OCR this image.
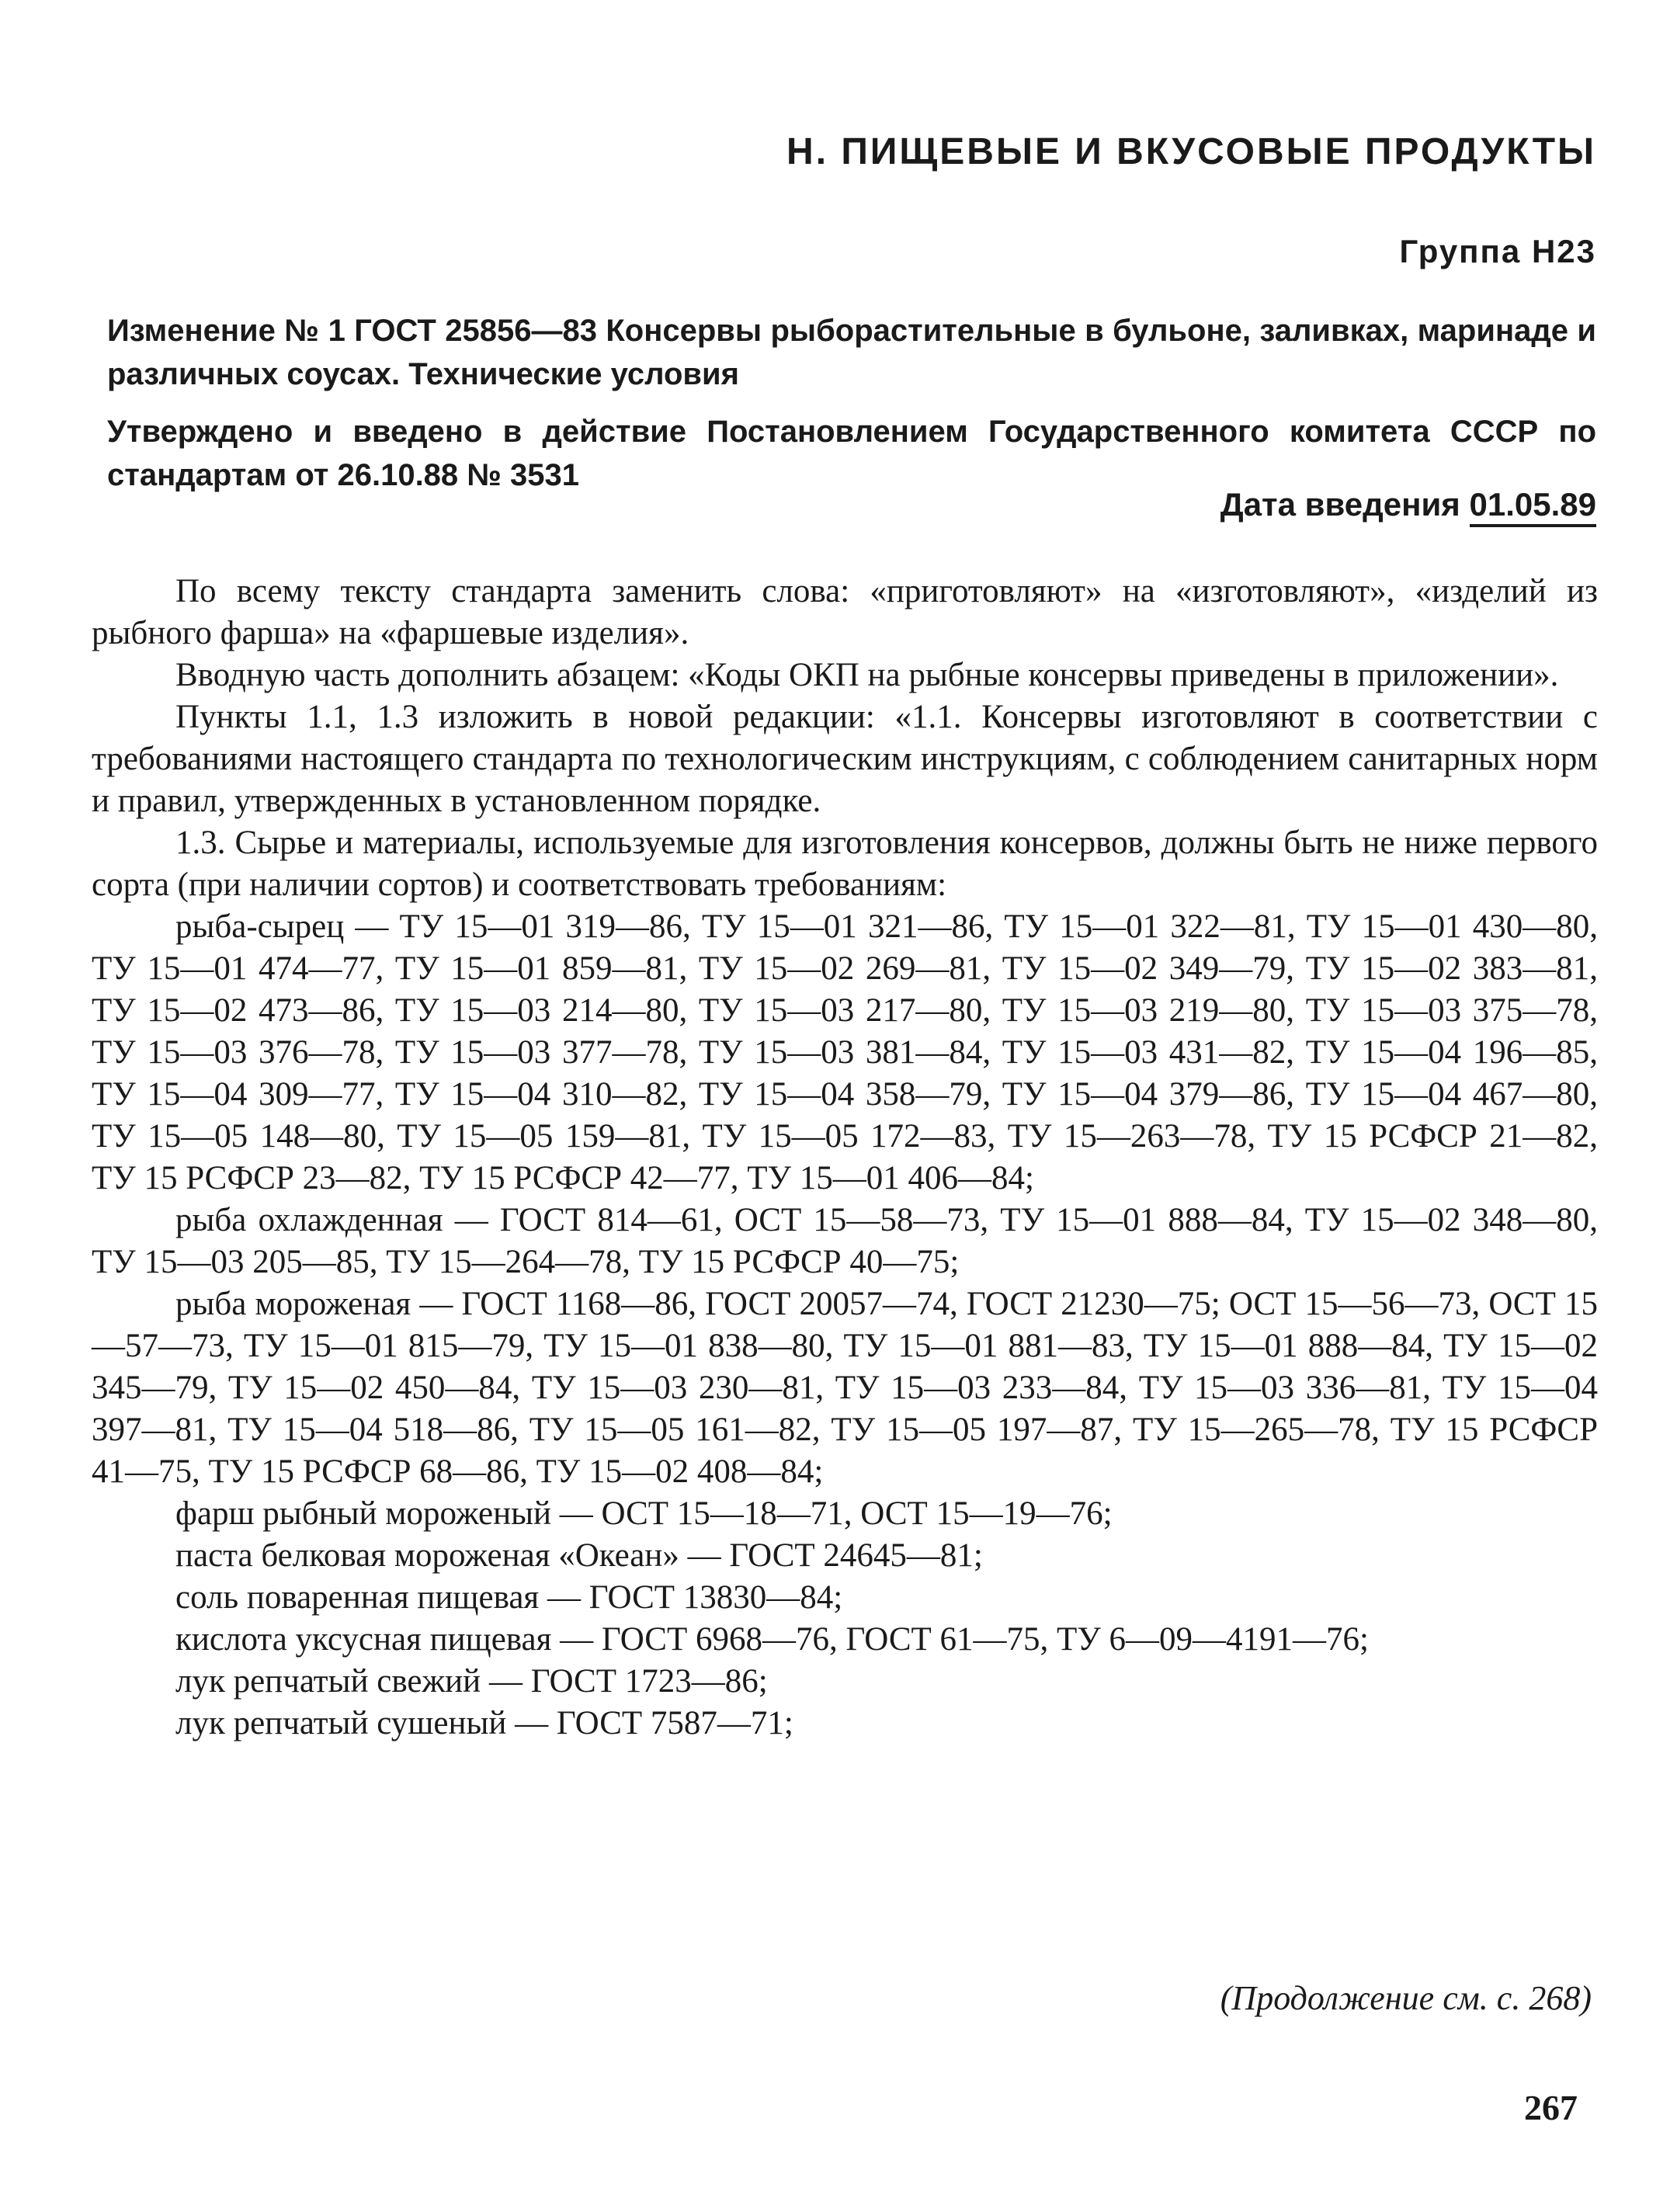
Н. ПИЩЕВЫЕ И ВКУСОВЫЕ ПРОДУКТЫ
Группа Н23
Изменение № 1 ГОСТ 25856—83 Консервы рыборастительные в бульоне, заливках, маринаде и различных соусах. Технические условия
Утверждено и введено в действие Постановлением Государственного комитета СССР по стандартам от 26.10.88 № 3531
Дата введения 01.05.89

По всему тексту стандарта заменить слова: «приготовляют» на «изготовляют», «изделий из рыбного фарша» на «фаршевые изделия».

Вводную часть дополнить абзацем: «Коды ОКП на рыбные консервы приведены в приложении».

Пункты 1.1, 1.3 изложить в новой редакции: «1.1. Консервы изготовляют в соответствии с требованиями настоящего стандарта по технологическим инструкциям, с соблюдением санитарных норм и правил, утвержденных в установленном порядке.

1.3. Сырье и материалы, используемые для изготовления консервов, должны быть не ниже первого сорта (при наличии сортов) и соответствовать требованиям:

рыба-сырец — ТУ 15—01 319—86, ТУ 15—01 321—86, ТУ 15—01 322—81, ТУ 15—01 430—80, ТУ 15—01 474—77, ТУ 15—01 859—81, ТУ 15—02 269—81, ТУ 15—02 349—79, ТУ 15—02 383—81, ТУ 15—02 473—86, ТУ 15—03 214—80, ТУ 15—03 217—80, ТУ 15—03 219—80, ТУ 15—03 375—78, ТУ 15—03 376—78, ТУ 15—03 377—78, ТУ 15—03 381—84, ТУ 15—03 431—82, ТУ 15—04 196—85, ТУ 15—04 309—77, ТУ 15—04 310—82, ТУ 15—04 358—79, ТУ 15—04 379—86, ТУ 15—04 467—80, ТУ 15—05 148—80, ТУ 15—05 159—81, ТУ 15—05 172—83, ТУ 15—263—78, ТУ 15 РСФСР 21—82, ТУ 15 РСФСР 23—82, ТУ 15 РСФСР 42—77, ТУ 15—01 406—84;

рыба охлажденная — ГОСТ 814—61, ОСТ 15—58—73, ТУ 15—01 888—84, ТУ 15—02 348—80, ТУ 15—03 205—85, ТУ 15—264—78, ТУ 15 РСФСР 40—75;

рыба мороженая — ГОСТ 1168—86, ГОСТ 20057—74, ГОСТ 21230—75; ОСТ 15—56—73, ОСТ 15—57—73, ТУ 15—01 815—79, ТУ 15—01 838—80, ТУ 15—01 881—83, ТУ 15—01 888—84, ТУ 15—02 345—79, ТУ 15—02 450—84, ТУ 15—03 230—81, ТУ 15—03 233—84, ТУ 15—03 336—81, ТУ 15—04 397—81, ТУ 15—04 518—86, ТУ 15—05 161—82, ТУ 15—05 197—87, ТУ 15—265—78, ТУ 15 РСФСР 41—75, ТУ 15 РСФСР 68—86, ТУ 15—02 408—84;

фарш рыбный мороженый — ОСТ 15—18—71, ОСТ 15—19—76;

паста белковая мороженая «Океан» — ГОСТ 24645—81;

соль поваренная пищевая — ГОСТ 13830—84;

кислота уксусная пищевая — ГОСТ 6968—76, ГОСТ 61—75, ТУ 6—09—4191—76;

лук репчатый свежий — ГОСТ 1723—86;

лук репчатый сушеный — ГОСТ 7587—71;

(Продолжение см. с. 268)
267
